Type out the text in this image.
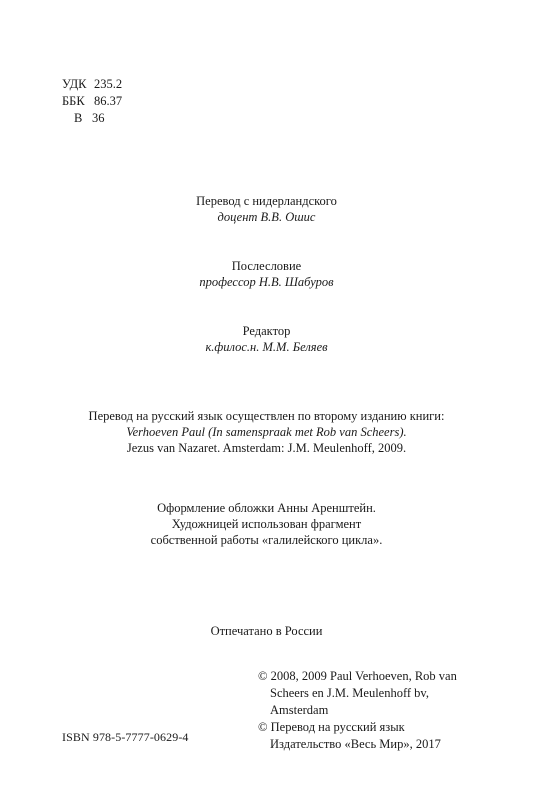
УДК 235.2
ББК 86.37
В 36
Перевод с нидерландского
доцент В.В. Ошис
Послесловие
профессор Н.В. Шабуров
Редактор
к.филос.н. М.М. Беляев
Перевод на русский язык осуществлен по второму изданию книги:
Verhoeven Paul (In samenspraak met Rob van Scheers).
Jezus van Nazaret. Amsterdam: J.M. Meulenhoff, 2009.
Оформление обложки Анны Аренштейн.
Художницей использован фрагмент
собственной работы «галилейского цикла».
Отпечатано в России
© 2008, 2009 Paul Verhoeven, Rob van
Scheers en J.M. Meulenhoff bv,
Amsterdam
© Перевод на русский язык
Издательство «Весь Мир», 2017
ISBN 978-5-7777-0629-4
